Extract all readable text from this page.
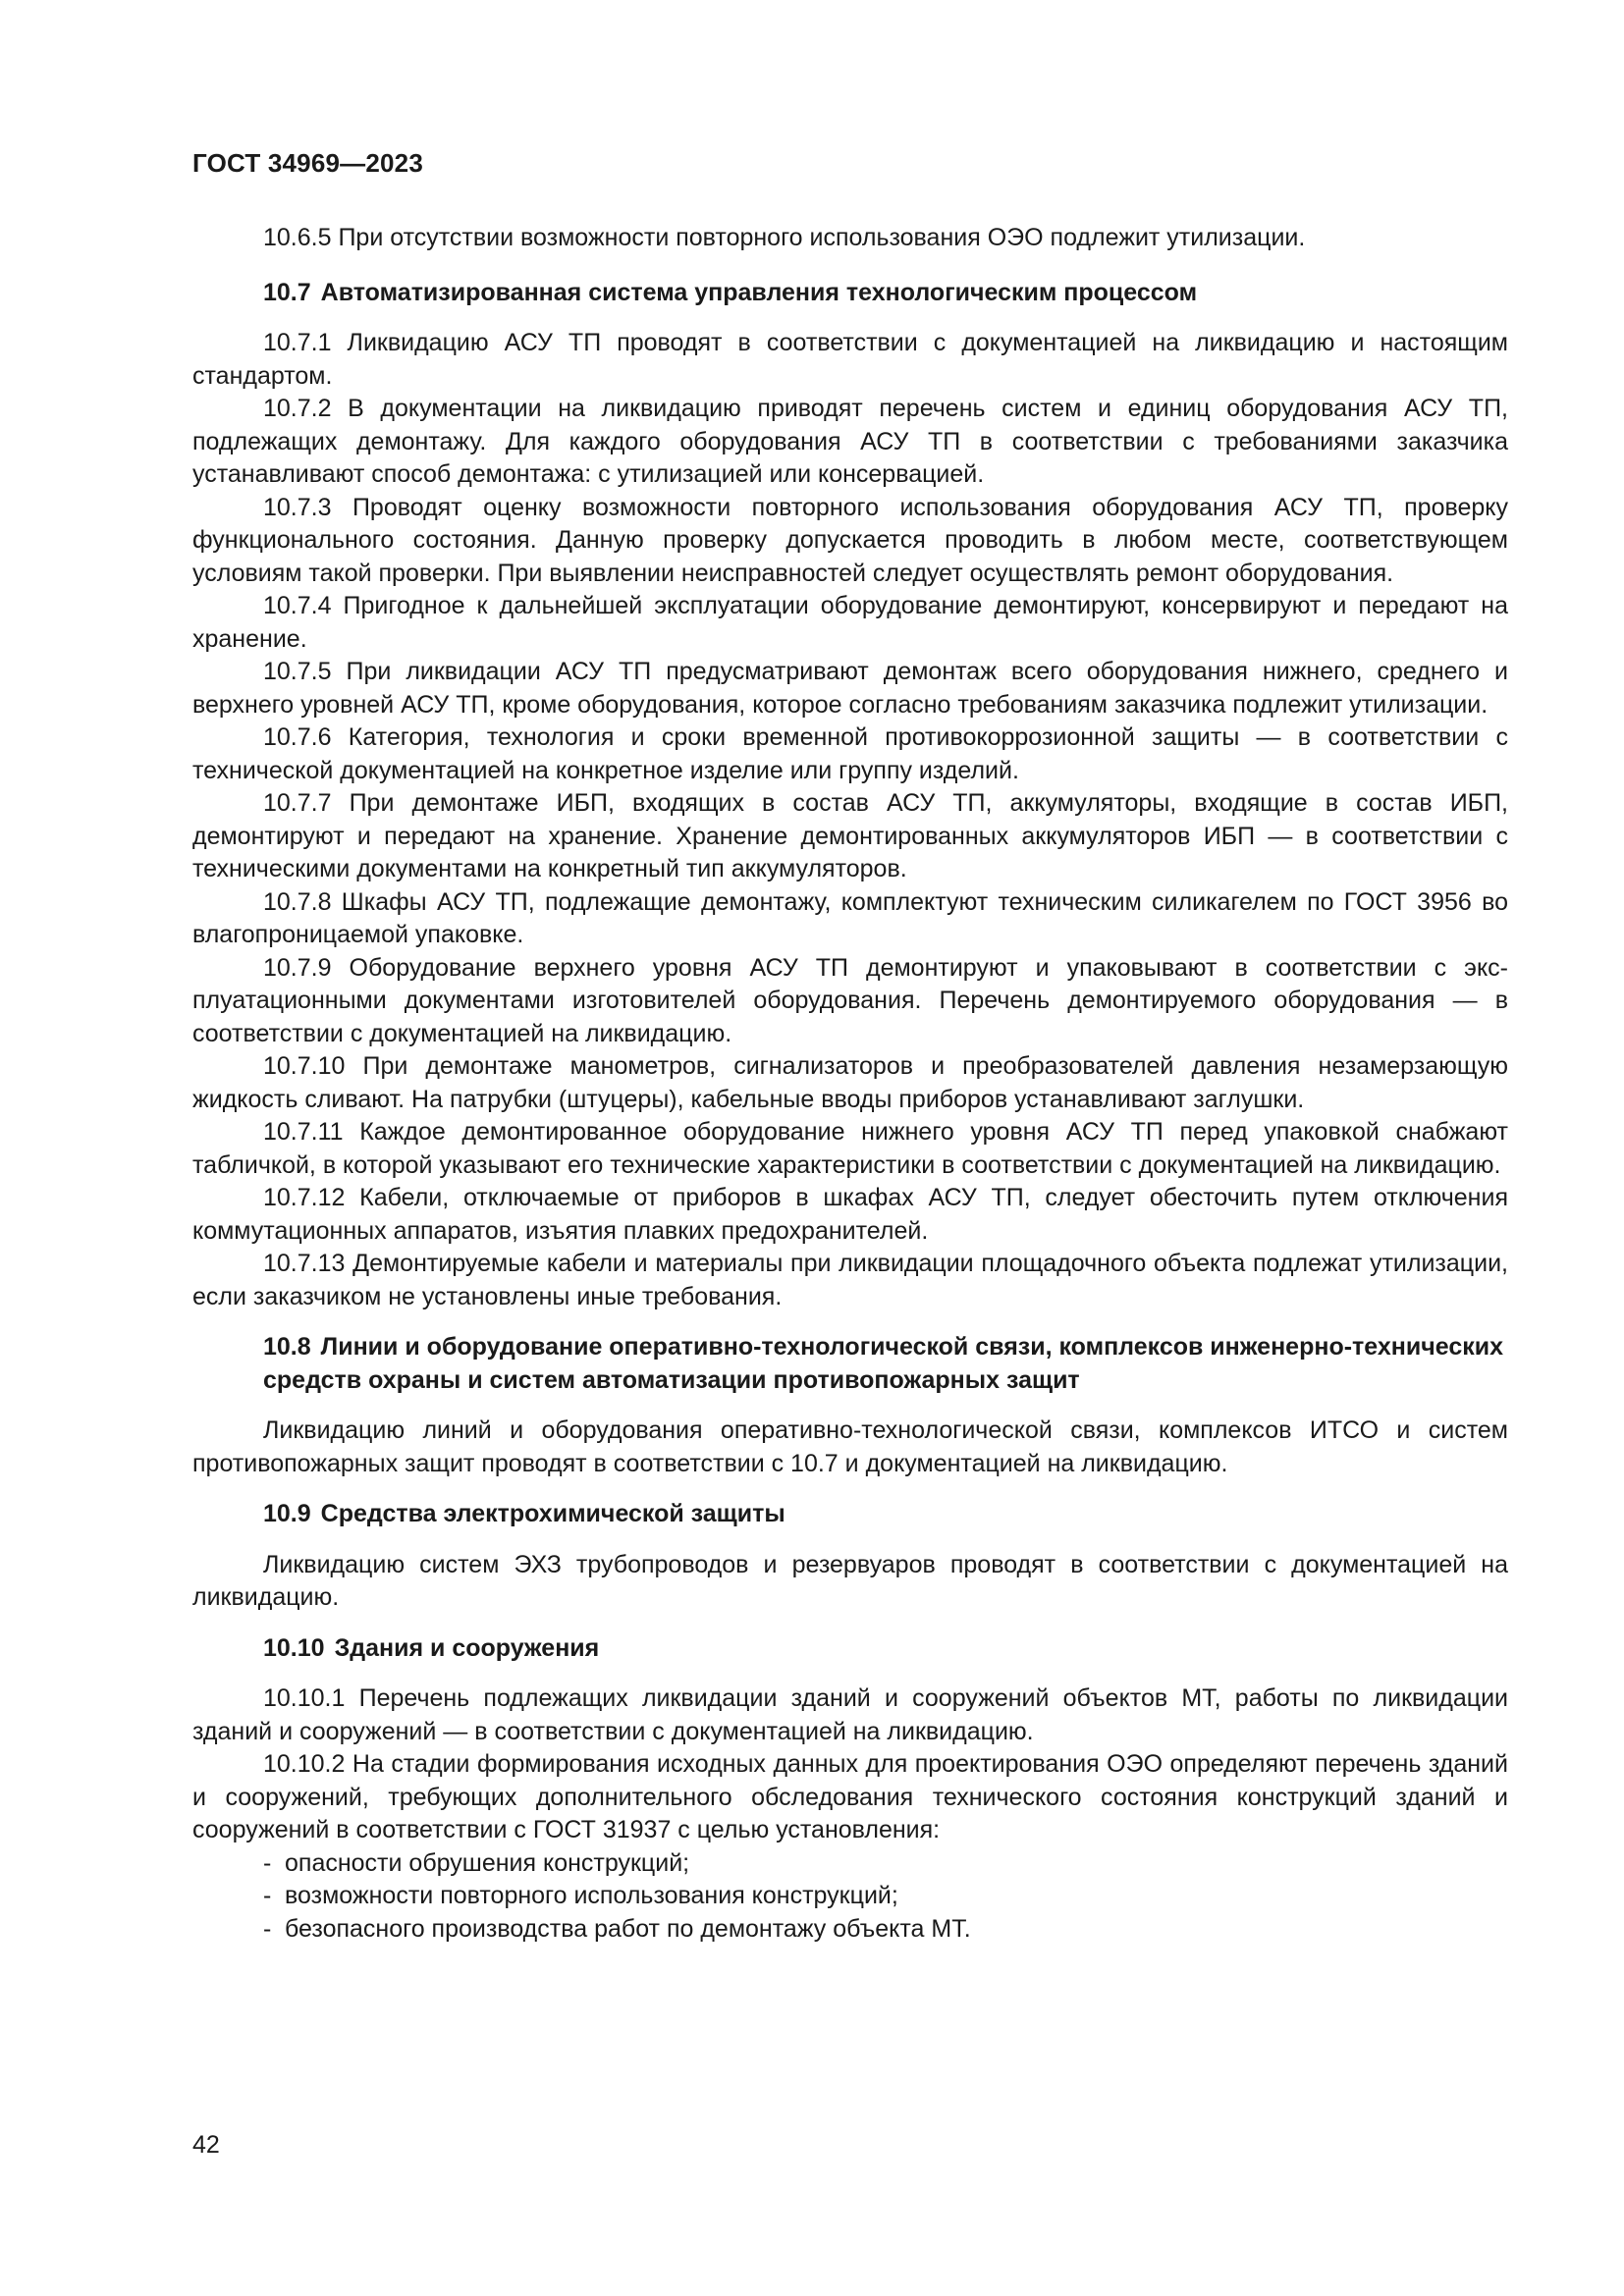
ГОСТ 34969—2023

10.6.5 При отсутствии возможности повторного использования ОЭО подлежит утилизации.

10.7 Автоматизированная система управления технологическим процессом

10.7.1 Ликвидацию АСУ ТП проводят в соответствии с документацией на ликвидацию и настоящим стандартом.

10.7.2 В документации на ликвидацию приводят перечень систем и единиц оборудования АСУ ТП, подлежащих демонтажу. Для каждого оборудования АСУ ТП в соответствии с требованиями заказчика устанавливают способ демонтажа: с утилизацией или консервацией.

10.7.3 Проводят оценку возможности повторного использования оборудования АСУ ТП, проверку функционального состояния. Данную проверку допускается проводить в любом месте, соответствующем условиям такой проверки. При выявлении неисправностей следует осуществлять ремонт оборудования.

10.7.4 Пригодное к дальнейшей эксплуатации оборудование демонтируют, консервируют и передают на хранение.

10.7.5 При ликвидации АСУ ТП предусматривают демонтаж всего оборудования нижнего, среднего и верхнего уровней АСУ ТП, кроме оборудования, которое согласно требованиям заказчика подлежит утилизации.

10.7.6 Категория, технология и сроки временной противокоррозионной защиты — в соответствии с технической документацией на конкретное изделие или группу изделий.

10.7.7 При демонтаже ИБП, входящих в состав АСУ ТП, аккумуляторы, входящие в состав ИБП, демонтируют и передают на хранение. Хранение демонтированных аккумуляторов ИБП — в соответствии с техническими документами на конкретный тип аккумуляторов.

10.7.8 Шкафы АСУ ТП, подлежащие демонтажу, комплектуют техническим силикагелем по ГОСТ 3956 во влагопроницаемой упаковке.

10.7.9 Оборудование верхнего уровня АСУ ТП демонтируют и упаковывают в соответствии с эксплуатационными документами изготовителей оборудования. Перечень демонтируемого оборудования — в соответствии с документацией на ликвидацию.

10.7.10 При демонтаже манометров, сигнализаторов и преобразователей давления незамерзающую жидкость сливают. На патрубки (штуцеры), кабельные вводы приборов устанавливают заглушки.

10.7.11 Каждое демонтированное оборудование нижнего уровня АСУ ТП перед упаковкой снабжают табличкой, в которой указывают его технические характеристики в соответствии с документацией на ликвидацию.

10.7.12 Кабели, отключаемые от приборов в шкафах АСУ ТП, следует обесточить путем отключения коммутационных аппаратов, изъятия плавких предохранителей.

10.7.13 Демонтируемые кабели и материалы при ликвидации площадочного объекта подлежат утилизации, если заказчиком не установлены иные требования.

10.8 Линии и оборудование оперативно-технологической связи, комплексов инженерно-технических средств охраны и систем автоматизации противопожарных защит

Ликвидацию линий и оборудования оперативно-технологической связи, комплексов ИТСО и систем противопожарных защит проводят в соответствии с 10.7 и документацией на ликвидацию.

10.9 Средства электрохимической защиты

Ликвидацию систем ЭХЗ трубопроводов и резервуаров проводят в соответствии с документацией на ликвидацию.

10.10 Здания и сооружения

10.10.1 Перечень подлежащих ликвидации зданий и сооружений объектов МТ, работы по ликвидации зданий и сооружений — в соответствии с документацией на ликвидацию.

10.10.2 На стадии формирования исходных данных для проектирования ОЭО определяют перечень зданий и сооружений, требующих дополнительного обследования технического состояния конструкций зданий и сооружений в соответствии с ГОСТ 31937 с целью установления:

- опасности обрушения конструкций;
- возможности повторного использования конструкций;
- безопасного производства работ по демонтажу объекта МТ.
42
